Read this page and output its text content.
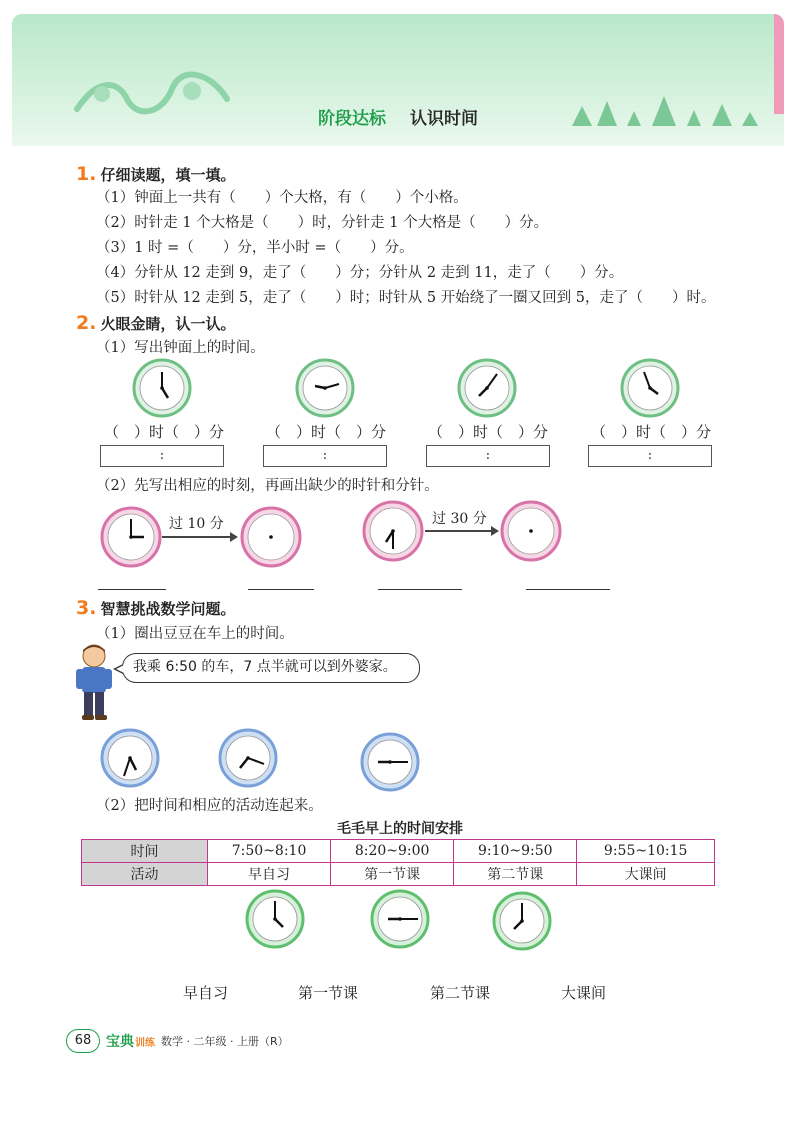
阶段达标 认识时间
1. 仔细读题，填一填。
（1）钟面上一共有（　　）个大格，有（　　）个小格。
（2）时针走 1 个大格是（　　）时，分针走 1 个大格是（　　）分。
（3）1 时 =（　　）分，半小时 =（　　）分。
（4）分针从 12 走到 9，走了（　　）分；分针从 2 走到 11，走了（　　）分。
（5）时针从 12 走到 5，走了（　　）时；时针从 5 开始绕了一圈又回到 5，走了（　　）时。
2. 火眼金睛，认一认。
（1）写出钟面上的时间。
（　）时（　）分	（　）时（　）分	（　）时（　）分	（　）时（　）分
:	:	:	:
（2）先写出相应的时刻，再画出缺少的时针和分针。
过 10 分	过 30 分
3. 智慧挑战数学问题。
（1）圈出豆豆在车上的时间。
我乘 6:50 的车，7 点半就可以到外婆家。
（2）把时间和相应的活动连起来。
毛毛早上的时间安排
时间	7:50~8:10	8:20~9:00	9:10~9:50	9:55~10:15
活动	早自习	第一节课	第二节课	大课间
早自习	第一节课	第二节课	大课间
68	宝典训练 数学 · 二年级 · 上册（R）
